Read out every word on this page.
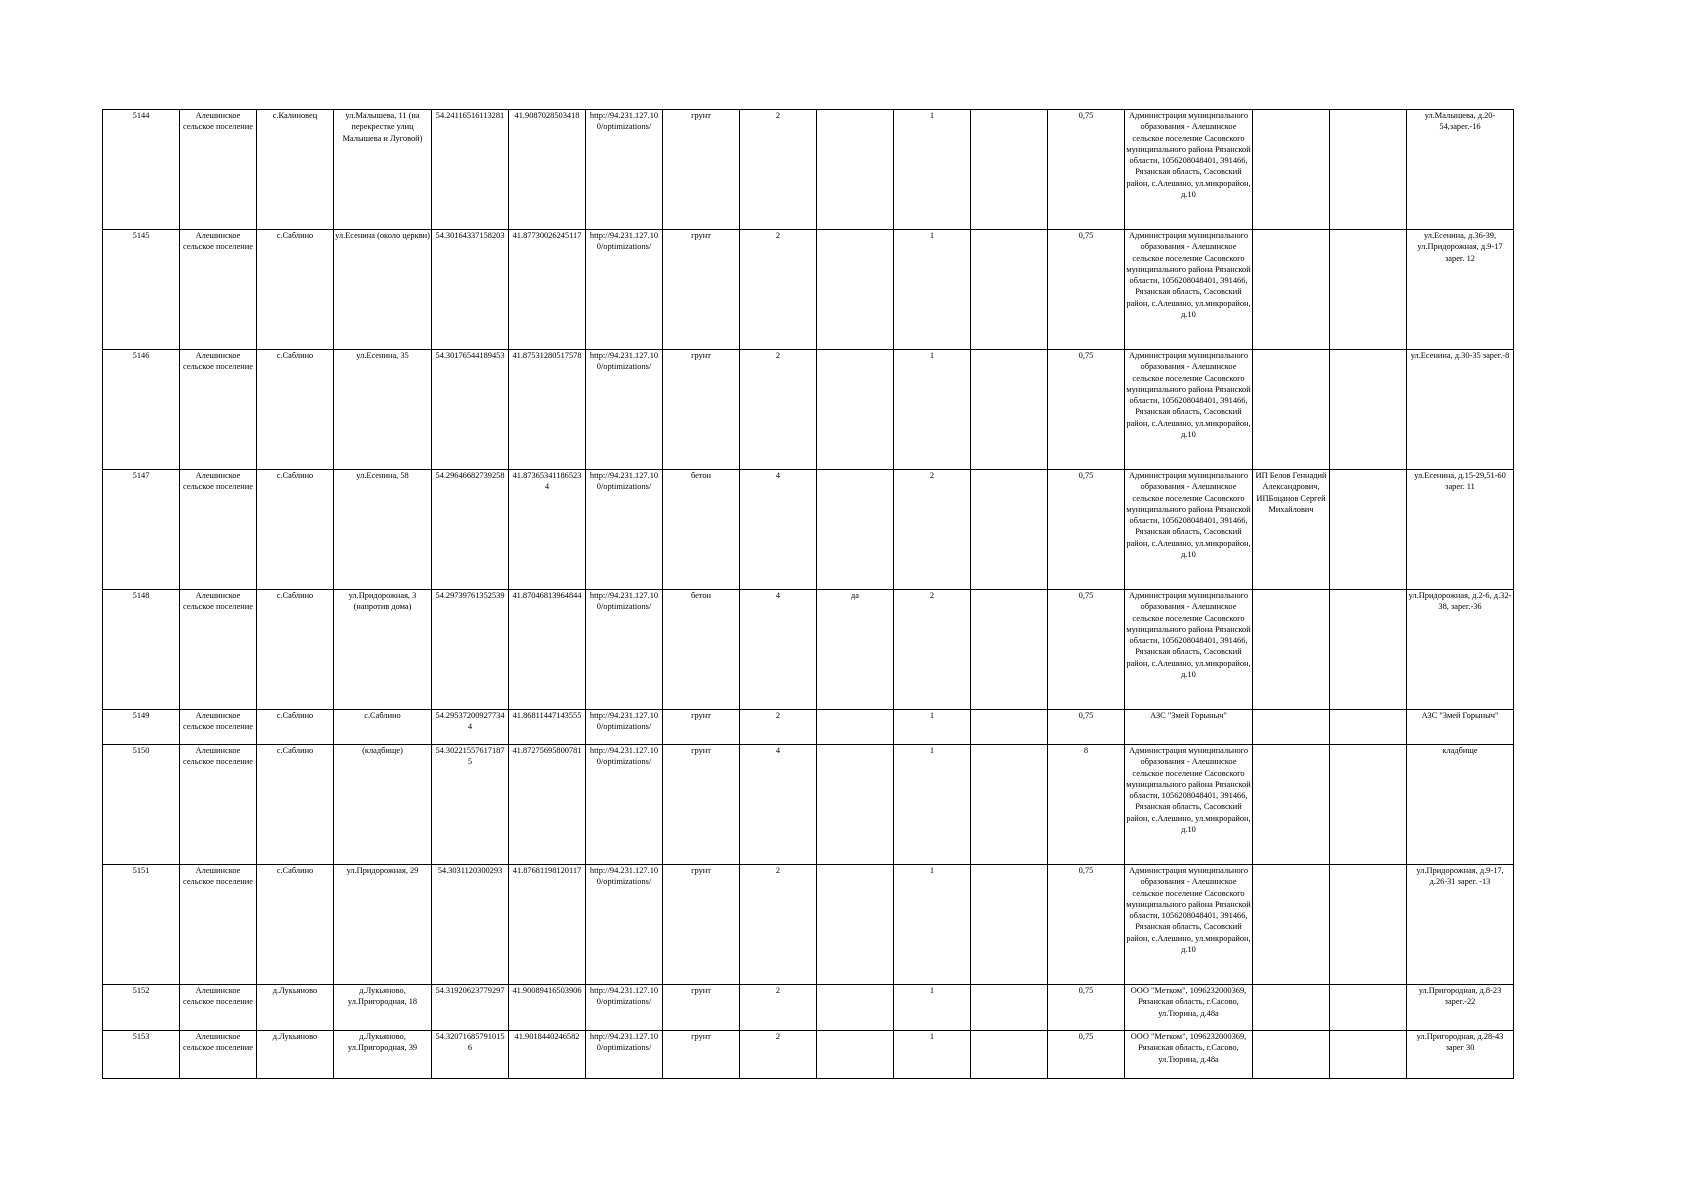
5144	Алешинское сельское поселение	с.Калиновец	ул.Малышева, 11 (на перекрестке улиц Малышева и Луговой)	54.24116516113281	41.9087028503418	http://94.231.127.10 0/optimizations/	грунт	2		1		0,75	Администрация муниципального образования - Алешинское сельское поселение Сасовского муниципального района Рязанской области, 1056208048401, 391466, Рязанская область, Сасовский район, с.Алешино, ул.микрорайон, д.10			ул.Малышева, д.20-54,зарег.-16
5145	Алешинское сельское поселение	с.Саблино	ул.Есенина (около церкви)	54.30164337158203	41.87730026245117	http://94.231.127.10 0/optimizations/	грунт	2		1		0,75	Администрация муниципального образования - Алешинское сельское поселение Сасовского муниципального района Рязанской области, 1056208048401, 391466, Рязанская область, Сасовский район, с.Алешино, ул.микрорайон, д.10			ул.Есенина, д.36-39, ул.Придорожная, д.9-17 зарег. 12
5146	Алешинское сельское поселение	с.Саблино	ул.Есенина, 35	54.30176544189453	41.87531280517578	http://94.231.127.10 0/optimizations/	грунт	2		1		0,75	Администрация муниципального образования - Алешинское сельское поселение Сасовского муниципального района Рязанской области, 1056208048401, 391466, Рязанская область, Сасовский район, с.Алешино, ул.микрорайон, д.10			ул.Есенина, д.30-35 зарег.-8
5147	Алешинское сельское поселение	с.Саблино	ул.Есенина, 58	54.29646682739258	41.87365341186523 4	http://94.231.127.10 0/optimizations/	бетон	4		2		0,75	Администрация муниципального образования - Алешинское сельское поселение Сасовского муниципального района Рязанской области, 1056208048401, 391466, Рязанская область, Сасовский район, с.Алешино, ул.микрорайон, д.10	ИП Белов Геннадий Александрович, ИПБоцанов Сергей Михайлович		ул.Есенина, д.15-29,51-60 зарег. 11
5148	Алешинское сельское поселение	с.Саблино	ул.Придорожная, 3 (напротив дома)	54.29739761352539	41.87046813964844	http://94.231.127.10 0/optimizations/	бетон	4	да	2		0,75	Администрация муниципального образования - Алешинское сельское поселение Сасовского муниципального района Рязанской области, 1056208048401, 391466, Рязанская область, Сасовский район, с.Алешино, ул.микрорайон, д.10			ул.Придорожная, д.2-6, д.32-38, зарег.-36
5149	Алешинское сельское поселение	с.Саблино	с.Саблино	54.29537200927734 4	41.86811447143555	http://94.231.127.10 0/optimizations/	грунт	2		1		0,75	АЗС "Змей Горыныч"			АЗС "Змей Горыныч"
5150	Алешинское сельское поселение	с.Саблино	(кладбище)	54.30221557617187 5	41.87275695800781	http://94.231.127.10 0/optimizations/	грунт	4		1		8	Администрация муниципального образования - Алешинское сельское поселение Сасовского муниципального района Рязанской области, 1056208048401, 391466, Рязанская область, Сасовский район, с.Алешино, ул.микрорайон, д.10			кладбище
5151	Алешинское сельское поселение	с.Саблино	ул.Придорожная, 29	54.3031120300293	41.87681198120117	http://94.231.127.10 0/optimizations/	грунт	2		1		0,75	Администрация муниципального образования - Алешинское сельское поселение Сасовского муниципального района Рязанской области, 1056208048401, 391466, Рязанская область, Сасовский район, с.Алешино, ул.микрорайон, д.10			ул.Придорожная, д.9-17, д.26-31 зарег. -13
5152	Алешинское сельское поселение	д.Лукьяново	д.Лукьяново, ул.Пригородная, 18	54.31920623779297	41.90089416503906	http://94.231.127.10 0/optimizations/	грунт	2		1		0,75	ООО "Метком", 1096232000369, Рязанская область, г.Сасово, ул.Тюрина, д.48а			ул.Пригородная, д.8-23 зарег.-22
5153	Алешинское сельское поселение	д.Лукьяново	д.Лукьяново, ул.Пригородная, 39	54.32071685791015 6	41.9018440246582	http://94.231.127.10 0/optimizations/	грунт	2		1		0,75	ООО "Метком", 1096232000369, Рязанская область, г.Сасово, ул.Тюрина, д.48а			ул.Пригородная, д.28-43 зарег 30
